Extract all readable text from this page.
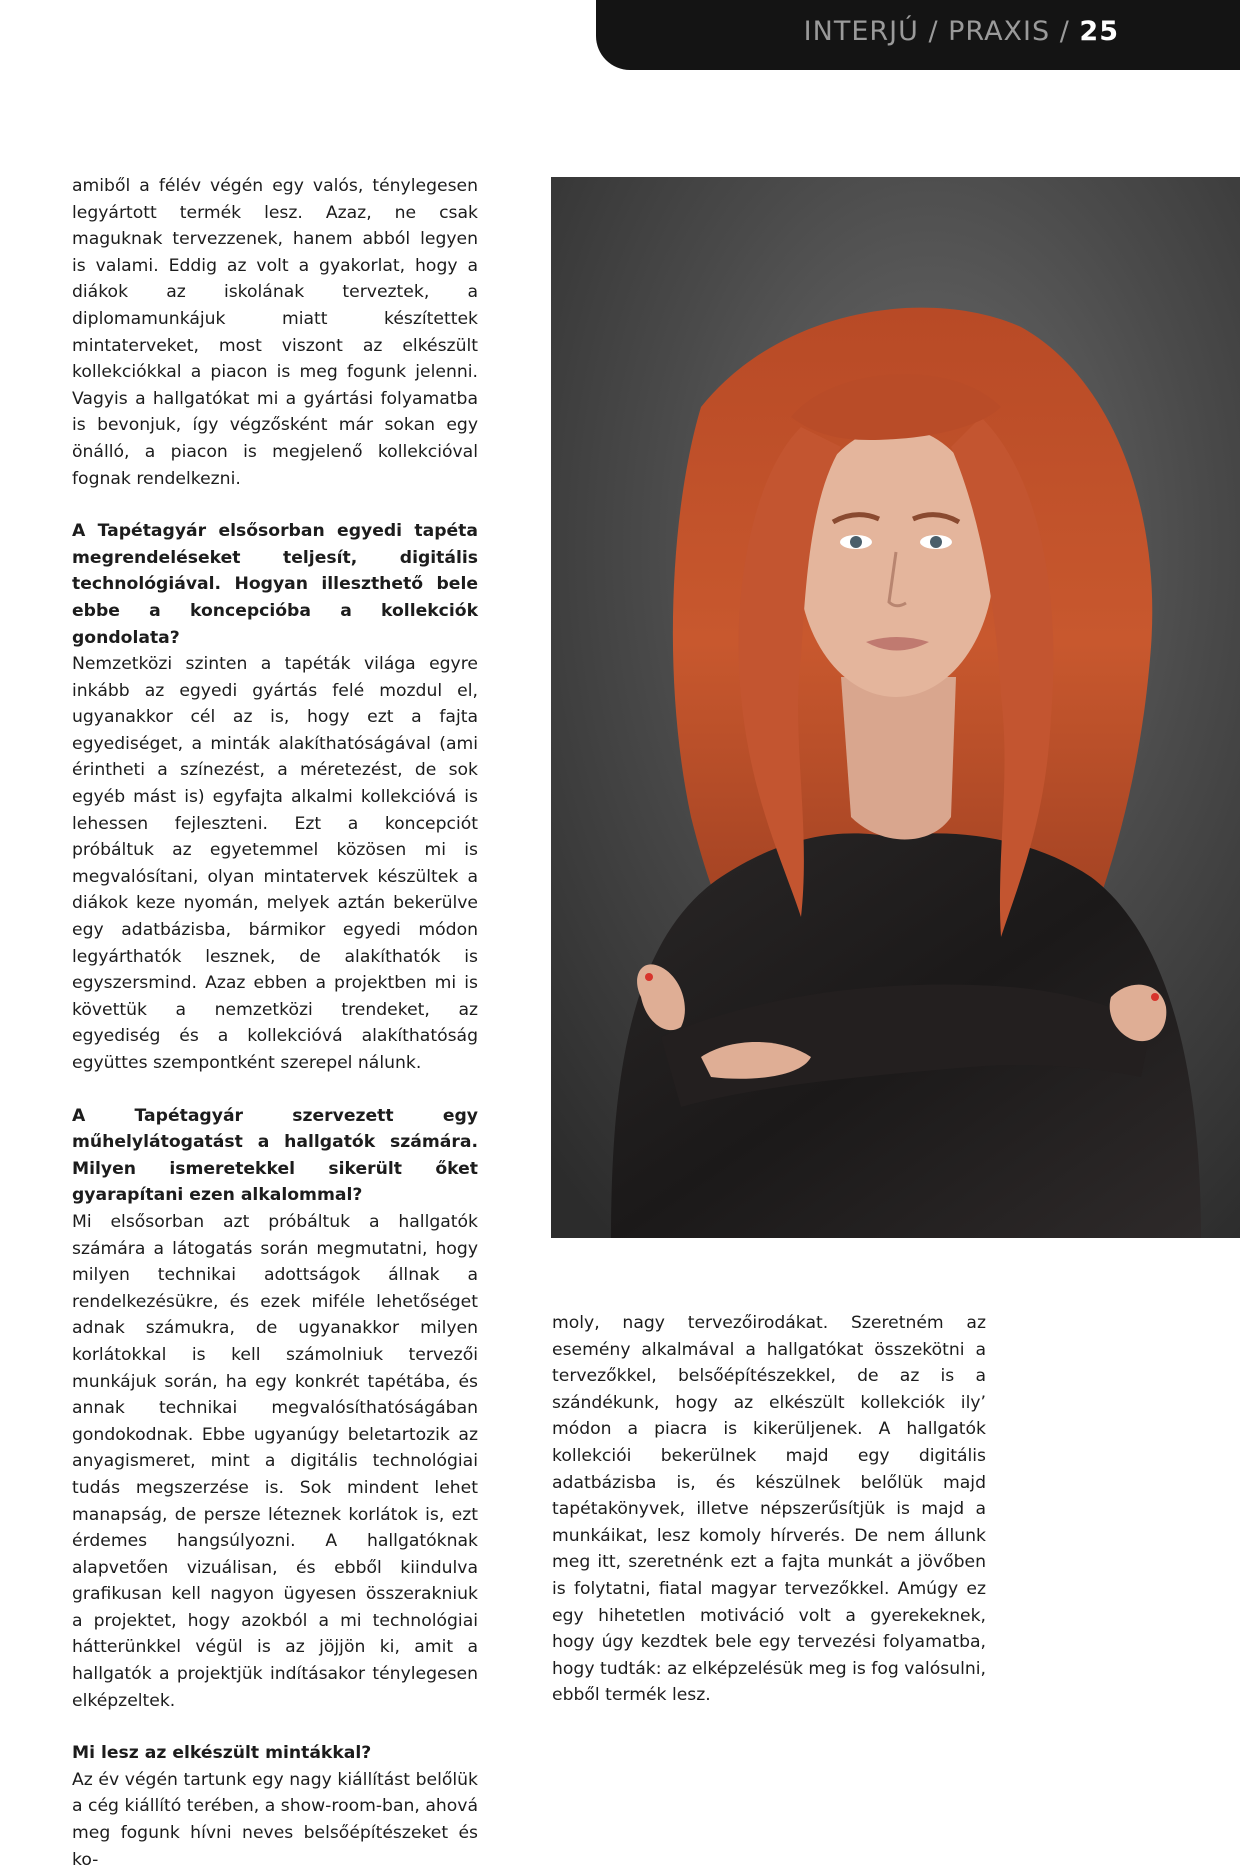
INTERJÚ / PRAXIS / 25

amiből a félév végén egy valós, ténylegesen legyártott termék lesz. Azaz, ne csak maguknak tervezzenek, hanem abból legyen is valami. Eddig az volt a gyakorlat, hogy a diákok az iskolának terveztek, a diplomamunkájuk miatt készítettek mintaterveket, most viszont az elkészült kollekciókkal a piacon is meg fogunk jelenni. Vagyis a hallgatókat mi a gyártási folyamatba is bevonjuk, így végzősként már sokan egy önálló, a piacon is megjelenő kollekcióval fognak rendelkezni.

A Tapétagyár elsősorban egyedi tapéta megrendeléseket teljesít, digitális technológiával. Hogyan illeszthető bele ebbe a koncepcióba a kollekciók gondolata?

Nemzetközi szinten a tapéták világa egyre inkább az egyedi gyártás felé mozdul el, ugyanakkor cél az is, hogy ezt a fajta egyediséget, a minták alakíthatóságával (ami érintheti a színezést, a méretezést, de sok egyéb mást is) egyfajta alkalmi kollekcióvá is lehessen fejleszteni. Ezt a koncepciót próbáltuk az egyetemmel közösen mi is megvalósítani, olyan mintatervek készültek a diákok keze nyomán, melyek aztán bekerülve egy adatbázisba, bármikor egyedi módon legyárthatók lesznek, de alakíthatók is egyszersmind. Azaz ebben a projektben mi is követtük a nemzetközi trendeket, az egyediség és a kollekcióvá alakíthatóság együttes szempontként szerepel nálunk.

A Tapétagyár szervezett egy műhelylátogatást a hallgatók számára. Milyen ismeretekkel sikerült őket gyarapítani ezen alkalommal?

Mi elsősorban azt próbáltuk a hallgatók számára a látogatás során megmutatni, hogy milyen technikai adottságok állnak a rendelkezésükre, és ezek miféle lehetőséget adnak számukra, de ugyanakkor milyen korlátokkal is kell számolniuk tervezői munkájuk során, ha egy konkrét tapétába, és annak technikai megvalósíthatóságában gondokodnak. Ebbe ugyanúgy beletartozik az anyagismeret, mint a digitális technológiai tudás megszerzése is. Sok mindent lehet manapság, de persze léteznek korlátok is, ezt érdemes hangsúlyozni. A hallgatóknak alapvetően vizuálisan, és ebből kiindulva grafikusan kell nagyon ügyesen összerakniuk a projektet, hogy azokból a mi technológiai hátterünkkel végül is az jöjjön ki, amit a hallgatók a projektjük indításakor ténylegesen elképzeltek.

Mi lesz az elkészült mintákkal?

Az év végén tartunk egy nagy kiállítást belőlük a cég kiállító terében, a show-room-ban, ahová meg fogunk hívni neves belsőépítészeket és ko-

moly, nagy tervezőirodákat. Szeretném az esemény alkalmával a hallgatókat összekötni a tervezőkkel, belsőépítészekkel, de az is a szándékunk, hogy az elkészült kollekciók ily’ módon a piacra is kikerüljenek. A hallgatók kollekciói bekerülnek majd egy digitális adatbázisba is, és készülnek belőlük majd tapétakönyvek, illetve népszerűsítjük is majd a munkáikat, lesz komoly hírverés. De nem állunk meg itt, szeretnénk ezt a fajta munkát a jövőben is folytatni, fiatal magyar tervezőkkel. Amúgy ez egy hihetetlen motiváció volt a gyerekeknek, hogy úgy kezdtek bele egy tervezési folyamatba, hogy tudták: az elképzelésük meg is fog valósulni, ebből termék lesz.
